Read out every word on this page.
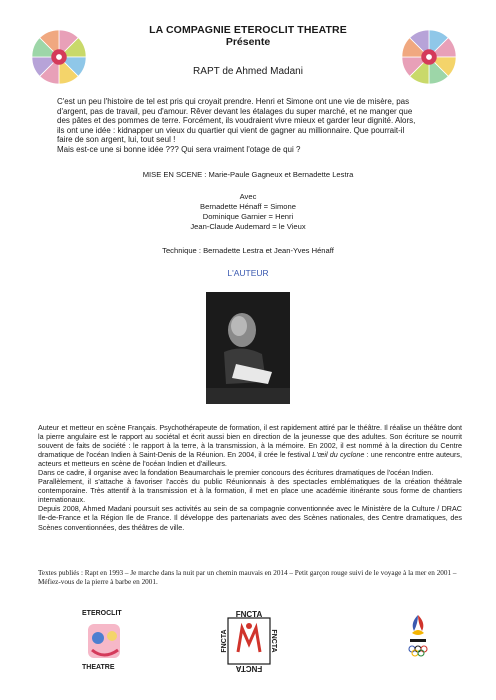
LA COMPAGNIE ETEROCLIT THEATRE
Présente
RAPT de Ahmed Madani
C'est un peu l'histoire de tel est pris qui croyait prendre. Henri et Simone ont une vie de misère, pas
d'argent, pas de travail, peu d'amour. Rêver devant les étalages du super marché, et ne manger que
des pâtes et des pommes de terre. Forcément, ils voudraient vivre mieux et garder leur dignité. Alors,
ils ont une idée : kidnapper un vieux du quartier qui vient de gagner au millionnaire. Que pourrait-il
faire de son argent, lui, tout seul !
Mais est-ce une si bonne idée ??? Qui sera vraiment l'otage de qui ?
MISE EN SCENE : Marie-Paule Gagneux et Bernadette Lestra
Avec
Bernadette Hénaff = Simone
Dominique Garnier = Henri
Jean-Claude Audemard = le Vieux
Technique : Bernadette Lestra et Jean-Yves Hénaff
L'AUTEUR

Auteur et metteur en scène Français. Psychothérapeute de formation, il est rapidement attiré par le théâtre. Il réalise un théâtre dont la pierre angulaire est le rapport au sociétal et écrit aussi bien en direction de la jeunesse que des adultes. Son écriture se nourrit souvent de faits de société : le rapport à la terre, à la transmission, à la mémoire. En 2002, il est nommé à la direction du Centre dramatique de l'océan Indien à Saint-Denis de la Réunion. En 2004, il crée le festival L'œil du cyclone : une rencontre entre auteurs, acteurs et metteurs en scène de l'océan Indien et d'ailleurs.

Dans ce cadre, il organise avec la fondation Beaumarchais le premier concours des écritures dramatiques de l'océan Indien.

Parallèlement, il s'attache à favoriser l'accès du public Réunionnais à des spectacles emblématiques de la création théâtrale contemporaine. Très attentif à la transmission et à la formation, il met en place une académie itinérante sous forme de chantiers internationaux.

Depuis 2008, Ahmed Madani poursuit ses activités au sein de sa compagnie conventionnée avec le Ministère de la Culture / DRAC Ile-de-France et la Région Ile de France. Il développe des partenariats avec des Scènes nationales, des Centre dramatiques, des Scènes conventionnées, des théâtres de ville.

Textes publiés : Rapt en 1993 – Je marche dans la nuit par un chemin mauvais en 2014 – Petit garçon rouge suivi de le voyage à la mer en 2001 – Méfiez-vous de la pierre à barbe en 2001.
ETEROCLIT
THEATRE
FNCTA
FNCTA
FNCTA	FNCTA
